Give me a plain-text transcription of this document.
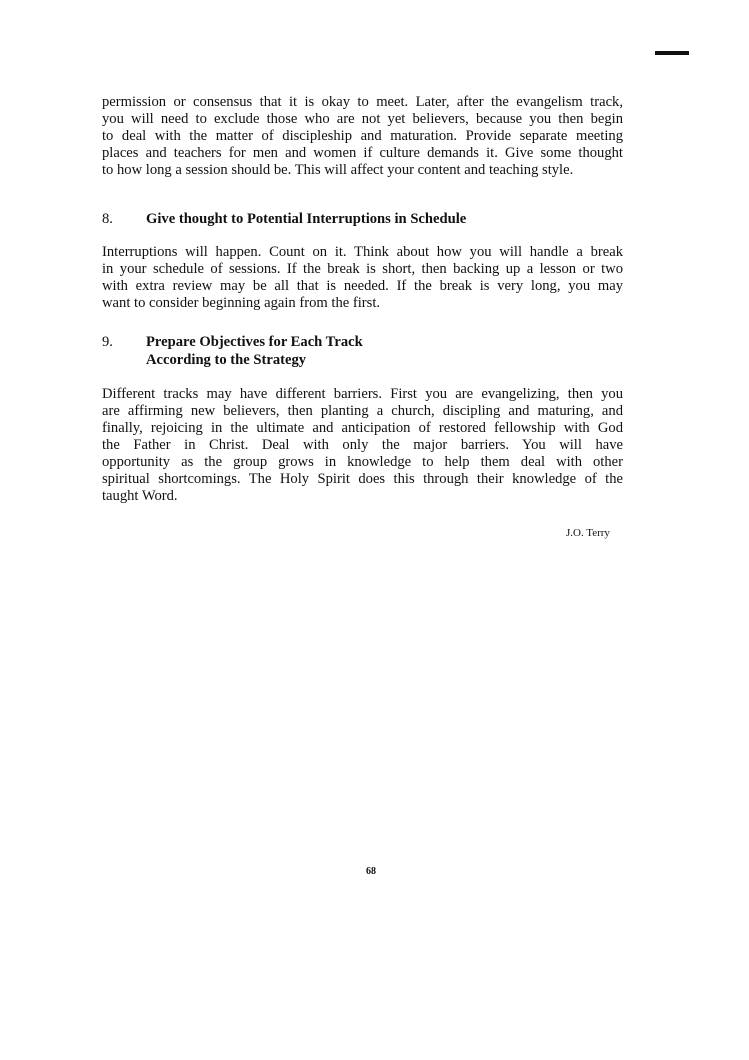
permission or consensus that it is okay to meet. Later, after the evangelism track,
you will need to exclude those who are not yet believers, because you then begin
to deal with the matter of discipleship and maturation. Provide separate meeting
places and teachers for men and women if culture demands it. Give some thought
to how long a session should be. This will affect your content and teaching style.
8. Give thought to Potential Interruptions in Schedule
Interruptions will happen. Count on it. Think about how you will handle a break
in your schedule of sessions. If the break is short, then backing up a lesson or two
with extra review may be all that is needed. If the break is very long, you may
want to consider beginning again from the first.
9. Prepare Objectives for Each Track
According to the Strategy
Different tracks may have different barriers. First you are evangelizing, then you
are affirming new believers, then planting a church, discipling and maturing, and
finally, rejoicing in the ultimate and anticipation of restored fellowship with God
the Father in Christ. Deal with only the major barriers. You will have
opportunity as the group grows in knowledge to help them deal with other
spiritual shortcomings. The Holy Spirit does this through their knowledge of the
taught Word.
J.O. Terry
68
